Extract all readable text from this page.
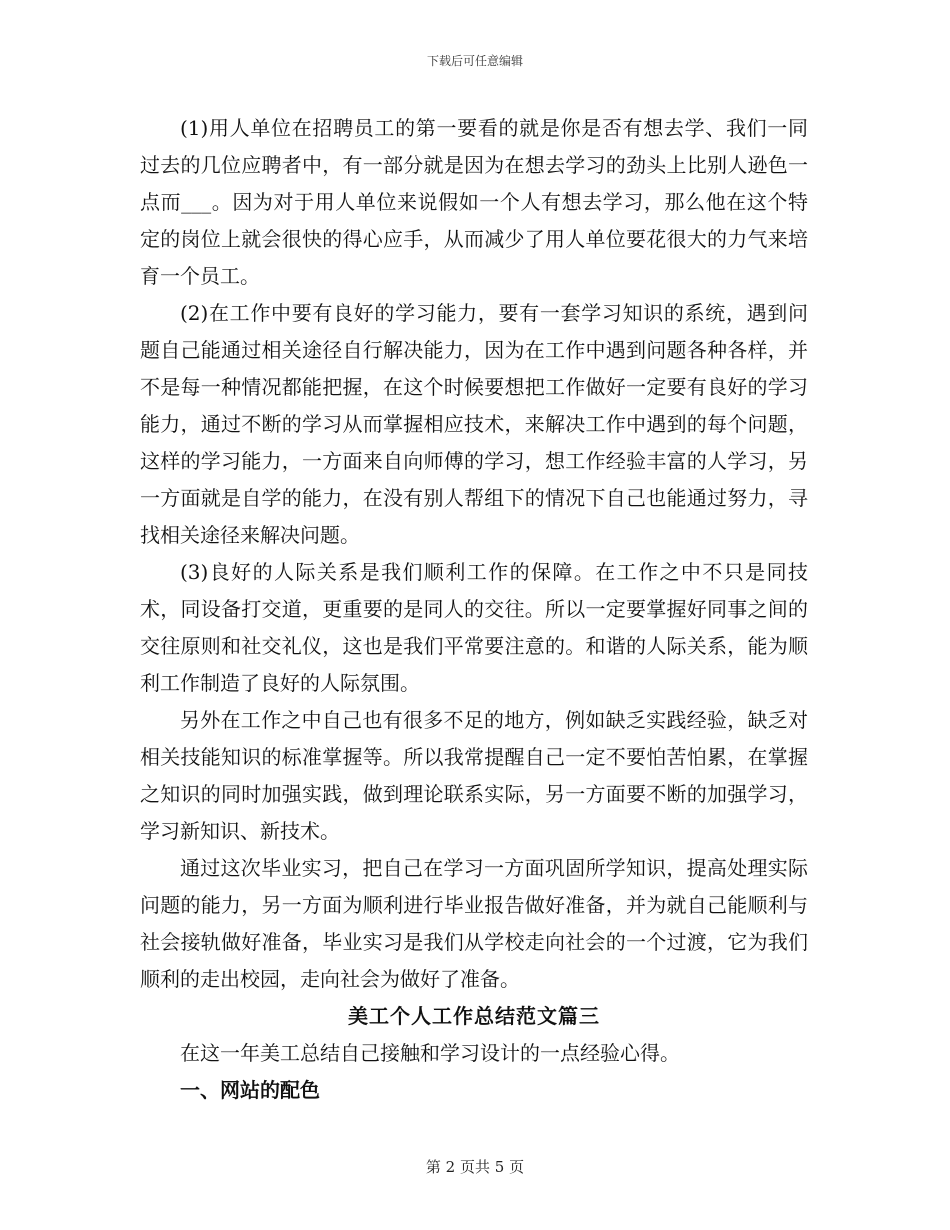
下载后可任意编辑

(1)用人单位在招聘员工的第一要看的就是你是否有想去学、我们一同过去的几位应聘者中，有一部分就是因为在想去学习的劲头上比别人逊色一点而___。因为对于用人单位来说假如一个人有想去学习，那么他在这个特定的岗位上就会很快的得心应手，从而减少了用人单位要花很大的力气来培育一个员工。

(2)在工作中要有良好的学习能力，要有一套学习知识的系统，遇到问题自己能通过相关途径自行解决能力，因为在工作中遇到问题各种各样，并不是每一种情况都能把握，在这个时候要想把工作做好一定要有良好的学习能力，通过不断的学习从而掌握相应技术，来解决工作中遇到的每个问题，这样的学习能力，一方面来自向师傅的学习，想工作经验丰富的人学习，另一方面就是自学的能力，在没有别人帮组下的情况下自己也能通过努力，寻找相关途径来解决问题。

(3)良好的人际关系是我们顺利工作的保障。在工作之中不只是同技术，同设备打交道，更重要的是同人的交往。所以一定要掌握好同事之间的交往原则和社交礼仪，这也是我们平常要注意的。和谐的人际关系，能为顺利工作制造了良好的人际氛围。

另外在工作之中自己也有很多不足的地方，例如缺乏实践经验，缺乏对相关技能知识的标准掌握等。所以我常提醒自己一定不要怕苦怕累，在掌握之知识的同时加强实践，做到理论联系实际，另一方面要不断的加强学习，学习新知识、新技术。

通过这次毕业实习，把自己在学习一方面巩固所学知识，提高处理实际问题的能力，另一方面为顺利进行毕业报告做好准备，并为就自己能顺利与社会接轨做好准备，毕业实习是我们从学校走向社会的一个过渡，它为我们顺利的走出校园，走向社会为做好了准备。

美工个人工作总结范文篇三

在这一年美工总结自己接触和学习设计的一点经验心得。

一、网站的配色
第 2 页共 5 页
